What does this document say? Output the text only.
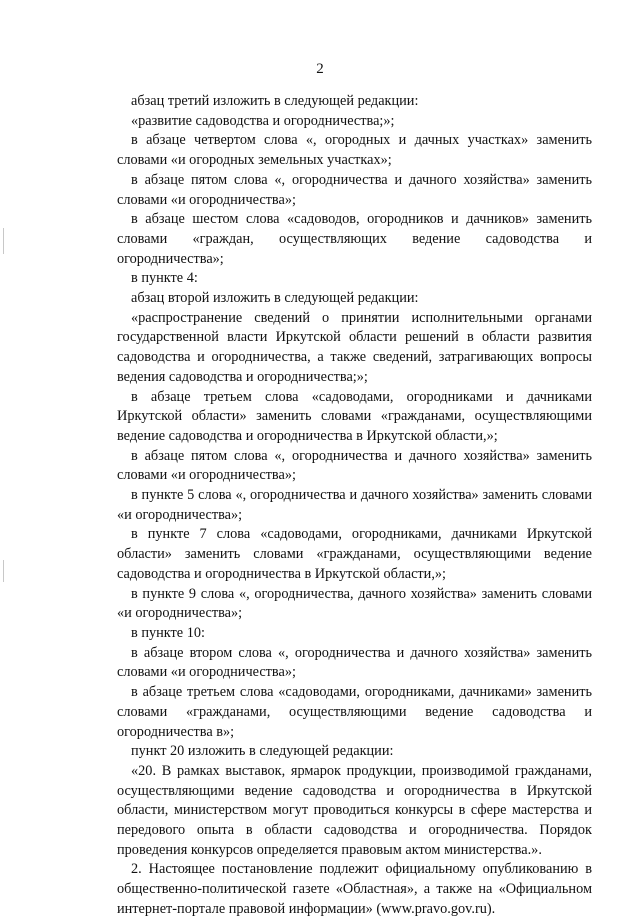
2

абзац третий изложить в следующей редакции:

«развитие садоводства и огородничества;»;

в абзаце четвертом слова «, огородных и дачных участках» заменить словами «и огородных земельных участках»;

в абзаце пятом слова «, огородничества и дачного хозяйства» заменить словами «и огородничества»;

в абзаце шестом слова «садоводов, огородников и дачников» заменить словами «граждан, осуществляющих ведение садоводства и огородничества»;

в пункте 4:

абзац второй изложить в следующей редакции:

«распространение сведений о принятии исполнительными органами государственной власти Иркутской области решений в области развития садоводства и огородничества, а также сведений, затрагивающих вопросы ведения садоводства и огородничества;»;

в абзаце третьем слова «садоводами, огородниками и дачниками Иркутской области» заменить словами «гражданами, осуществляющими ведение садоводства и огородничества в Иркутской области,»;

в абзаце пятом слова «, огородничества и дачного хозяйства» заменить словами «и огородничества»;

в пункте 5 слова «, огородничества и дачного хозяйства» заменить словами «и огородничества»;

в пункте 7 слова «садоводами, огородниками, дачниками Иркутской области» заменить словами «гражданами, осуществляющими ведение садоводства и огородничества в Иркутской области,»;

в пункте 9 слова «, огородничества, дачного хозяйства» заменить словами «и огородничества»;

в пункте 10:

в абзаце втором слова «, огородничества и дачного хозяйства» заменить словами «и огородничества»;

в абзаце третьем слова «садоводами, огородниками, дачниками» заменить словами «гражданами, осуществляющими ведение садоводства и огородничества в»;

пункт 20 изложить в следующей редакции:

«20. В рамках выставок, ярмарок продукции, производимой гражданами, осуществляющими ведение садоводства и огородничества в Иркутской области, министерством могут проводиться конкурсы в сфере мастерства и передового опыта в области садоводства и огородничества. Порядок проведения конкурсов определяется правовым актом министерства.».

2. Настоящее постановление подлежит официальному опубликованию в общественно-политической газете «Областная», а также на «Официальном интернет-портале правовой информации» (www.pravo.gov.ru).
